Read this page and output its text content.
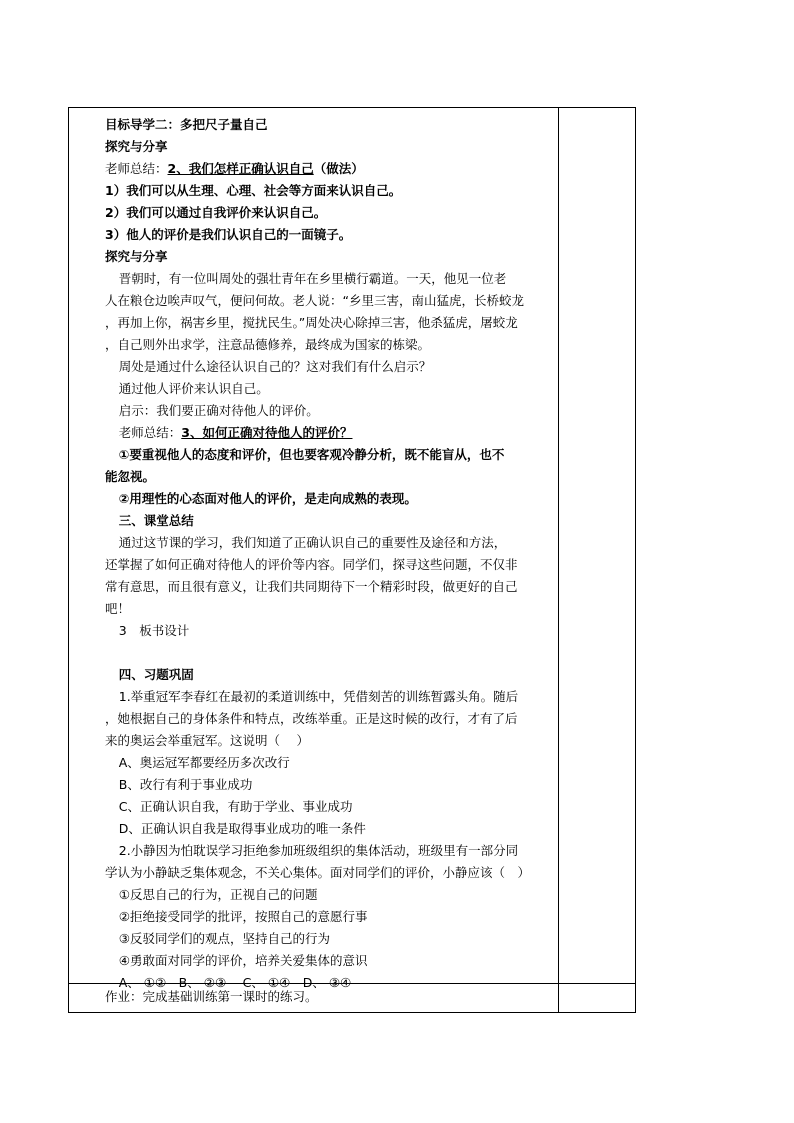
目标导学二：多把尺子量自己

探究与分享

老师总结：2、我们怎样正确认识自己（做法）

1）我们可以从生理、心理、社会等方面来认识自己。

2）我们可以通过自我评价来认识自己。

3）他人的评价是我们认识自己的一面镜子。

探究与分享

晋朝时，有一位叫周处的强壮青年在乡里横行霸道。一天，他见一位老

人在粮仓边唉声叹气，便问何故。老人说：“乡里三害，南山猛虎，长桥蛟龙

，再加上你，祸害乡里，搅扰民生。”周处决心除掉三害，他杀猛虎，屠蛟龙

，自己则外出求学，注意品德修养，最终成为国家的栋梁。

周处是通过什么途径认识自己的？这对我们有什么启示？

通过他人评价来认识自己。

启示：我们要正确对待他人的评价。

老师总结：3、如何正确对待他人的评价？

①要重视他人的态度和评价，但也要客观冷静分析，既不能盲从，也不

能忽视。

②用理性的心态面对他人的评价，是走向成熟的表现。

三、课堂总结

通过这节课的学习，我们知道了正确认识自己的重要性及途径和方法，

还掌握了如何正确对待他人的评价等内容。同学们，探寻这些问题，不仅非

常有意思，而且很有意义，让我们共同期待下一个精彩时段，做更好的自己

吧！

3　板书设计

四、习题巩固

1.举重冠军李春红在最初的柔道训练中，凭借刻苦的训练暂露头角。随后

，她根据自己的身体条件和特点，改练举重。正是这时候的改行，才有了后

来的奥运会举重冠军。这说明（　 ）

A、奥运冠军都要经历多次改行

B、改行有利于事业成功

C、正确认识自我，有助于学业、事业成功

D、正确认识自我是取得事业成功的唯一条件

2.小静因为怕耽误学习拒绝参加班级组织的集体活动，班级里有一部分同

学认为小静缺乏集体观念，不关心集体。面对同学们的评价，小静应该（　）

①反思自己的行为，正视自己的问题

②拒绝接受同学的批评，按照自己的意愿行事

③反驳同学们的观点，坚持自己的行为

④勇敢面对同学的评价，培养关爱集体的意识

A、 ①②　B、 ②③　 C、 ①④　D、 ③④

作业：完成基础训练第一课时的练习。
